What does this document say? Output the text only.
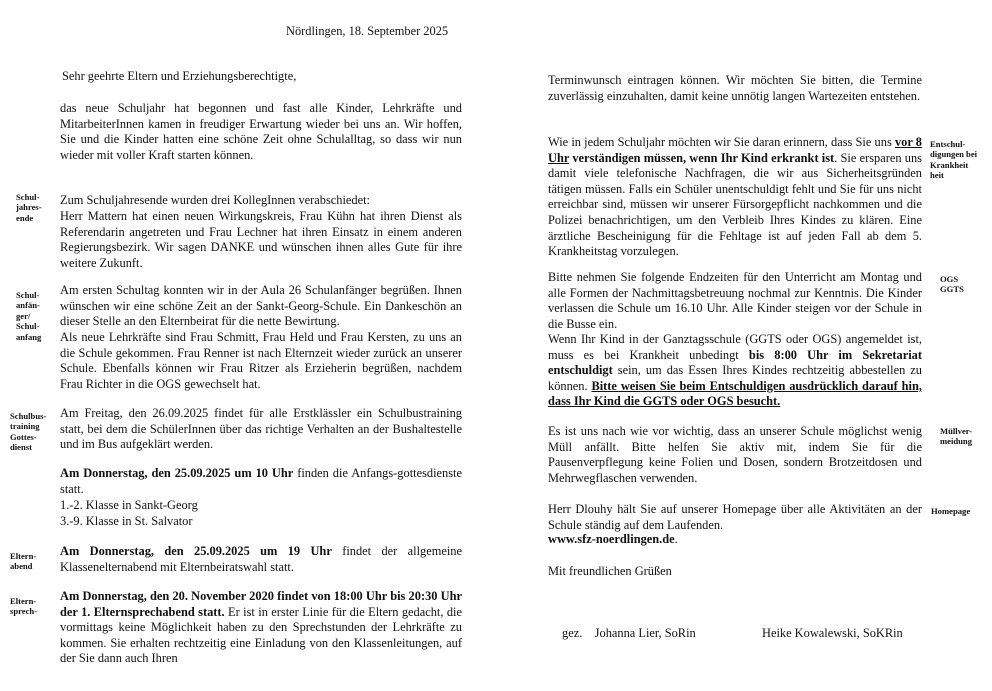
Nördlingen, 18. September 2025
Sehr geehrte Eltern und Erziehungsberechtigte,

das neue Schuljahr hat begonnen und fast alle Kinder, Lehrkräfte und MitarbeiterInnen kamen in freudiger Erwartung wieder bei uns an. Wir hoffen, Sie und die Kinder hatten eine schöne Zeit ohne Schulalltag, so dass wir nun wieder mit voller Kraft starten können.

Schul-
jahres-
ende
Zum Schuljahresende wurden drei KollegInnen verabschiedet:

Herr Mattern hat einen neuen Wirkungskreis, Frau Kühn hat ihren Dienst als Referendarin angetreten und Frau Lechner hat ihren Einsatz in einem anderen Regierungsbezirk. Wir sagen DANKE und wünschen ihnen alles Gute für ihre weitere Zukunft.

Schul-
anfän-
ger/
Schul-
anfang

Am ersten Schultag konnten wir in der Aula 26 Schulanfänger begrüßen. Ihnen wünschen wir eine schöne Zeit an der Sankt-Georg-Schule. Ein Dankeschön an dieser Stelle an den Elternbeirat für die nette Bewirtung.

Als neue Lehrkräfte sind Frau Schmitt, Frau Held und Frau Kersten, zu uns an die Schule gekommen. Frau Renner ist nach Elternzeit wieder zurück an unserer Schule. Ebenfalls können wir Frau Ritzer als Erzieherin begrüßen, nachdem Frau Richter in die OGS gewechselt hat.

Schulbus-
training
Gottes-
dienst

Am Freitag, den 26.09.2025 findet für alle Erstklässler ein Schulbustraining statt, bei dem die SchülerInnen über das richtige Verhalten an der Bushaltestelle und im Bus aufgeklärt werden.

Am Donnerstag, den 25.09.2025 um 10 Uhr finden die Anfangs-gottesdienste statt.

1.-2. Klasse in Sankt-Georg
3.-9. Klasse in St. Salvator
Eltern-
abend

Am Donnerstag, den 25.09.2025 um 19 Uhr findet der allgemeine Klassenelternabend mit Elternbeiratswahl statt.

Eltern-
sprech-

Am Donnerstag, den 20. November 2020 findet von 18:00 Uhr bis 20:30 Uhr der 1. Elternsprechabend statt. Er ist in erster Linie für die Eltern gedacht, die vormittags keine Möglichkeit haben zu den Sprechstunden der Lehrkräfte zu kommen. Sie erhalten rechtzeitig eine Einladung von den Klassenleitungen, auf der Sie dann auch Ihren

Terminwunsch eintragen können. Wir möchten Sie bitten, die Termine zuverlässig einzuhalten, damit keine unnötig langen Wartezeiten entstehen.

Entschul-
digungen bei
Krankheit
heit

Wie in jedem Schuljahr möchten wir Sie daran erinnern, dass Sie uns vor 8 Uhr verständigen müssen, wenn Ihr Kind erkrankt ist. Sie ersparen uns damit viele telefonische Nachfragen, die wir aus Sicherheitsgründen tätigen müssen. Falls ein Schüler unentschuldigt fehlt und Sie für uns nicht erreichbar sind, müssen wir unserer Fürsorgepflicht nachkommen und die Polizei benachrichtigen, um den Verbleib Ihres Kindes zu klären. Eine ärztliche Bescheinigung für die Fehltage ist auf jeden Fall ab dem 5. Krankheitstag vorzulegen.

OGS
GGTS

Bitte nehmen Sie folgende Endzeiten für den Unterricht am Montag und alle Formen der Nachmittagsbetreuung nochmal zur Kenntnis. Die Kinder verlassen die Schule um 16.10 Uhr. Alle Kinder steigen vor der Schule in die Busse ein.

Wenn Ihr Kind in der Ganztagsschule (GGTS oder OGS) angemeldet ist, muss es bei Krankheit unbedingt bis 8:00 Uhr im Sekretariat entschuldigt sein, um das Essen Ihres Kindes rechtzeitig abbestellen zu können. Bitte weisen Sie beim Entschuldigen ausdrücklich darauf hin, dass Ihr Kind die GGTS oder OGS besucht.

Müllver-
meidung

Es ist uns nach wie vor wichtig, dass an unserer Schule möglichst wenig Müll anfällt. Bitte helfen Sie aktiv mit, indem Sie für die Pausenverpflegung keine Folien und Dosen, sondern Brotzeitdosen und Mehrwegflaschen verwenden.

Homepage

Herr Dlouhy hält Sie auf unserer Homepage über alle Aktivitäten an der Schule ständig auf dem Laufenden.

www.sfz-noerdlingen.de.
Mit freundlichen Grüßen
gez.    Johanna Lier, SoRin	Heike Kowalewski, SoKRin
